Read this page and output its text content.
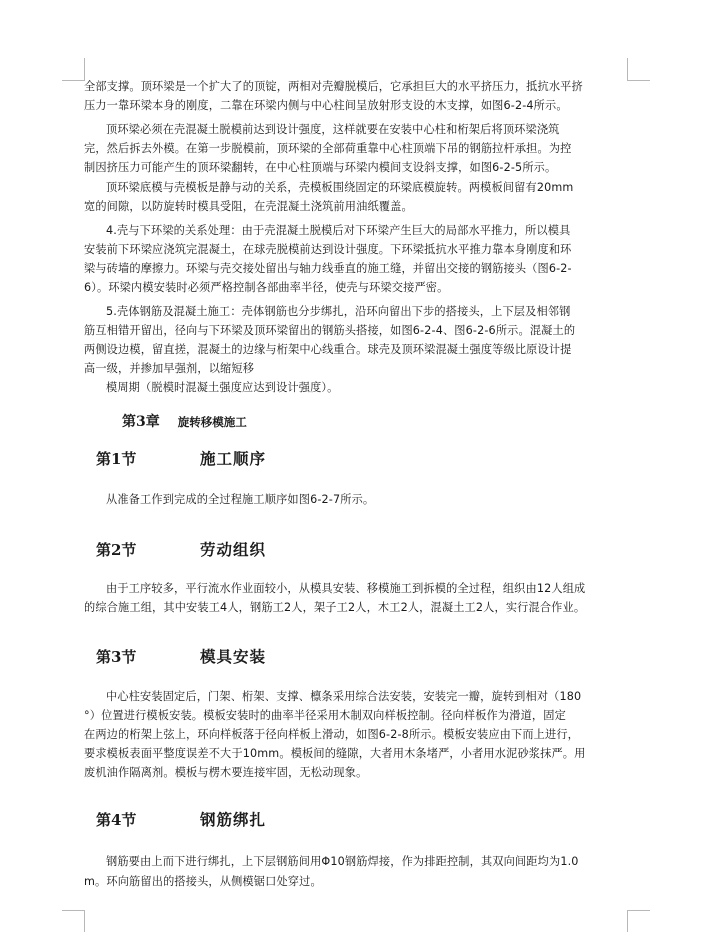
全部支撑。顶环梁是一个扩大了的顶锭，两相对壳瓣脱模后，它承担巨大的水平挤压力，抵抗水平挤
压力一靠环梁本身的刚度，二靠在环梁内侧与中心柱间呈放射形支设的木支撑，如图6-2-4所示。
顶环梁必须在壳混凝土脱模前达到设计强度，这样就要在安装中心柱和桁架后将顶环梁浇筑
完，然后拆去外模。在第一步脱模前，顶环梁的全部荷重靠中心柱顶端下吊的钢筋拉杆承担。为控
制因挤压力可能产生的顶环梁翻转，在中心柱顶端与环梁内模间支设斜支撑，如图6-2-5所示。
顶环梁底模与壳模板是静与动的关系，壳模板围绕固定的环梁底模旋转。两模板间留有20mm
宽的间隙，以防旋转时模具受阻，在壳混凝土浇筑前用油纸覆盖。
4.壳与下环梁的关系处理：由于壳混凝土脱模后对下环梁产生巨大的局部水平推力，所以模具
安装前下环梁应浇筑完混凝土，在球壳脱模前达到设计强度。下环梁抵抗水平推力靠本身刚度和环
梁与砖墙的摩擦力。环梁与壳交接处留出与轴力线垂直的施工缝，并留出交接的钢筋接头（图6-2-
6）。环梁内模安装时必须严格控制各部曲率半径，使壳与环梁交接严密。
5.壳体钢筋及混凝土施工：壳体钢筋也分步绑扎，沿环向留出下步的搭接头，上下层及相邻钢
筋互相错开留出，径向与下环梁及顶环梁留出的钢筋头搭接，如图6-2-4、图6-2-6所示。混凝土的
两侧设边模，留直搓，混凝土的边缘与桁架中心线重合。球壳及顶环梁混凝土强度等级比原设计提
高一级，并掺加早强剂，以缩短移
模周期（脱模时混凝土强度应达到设计强度）。
第3章 旋转移模施工
第1节	施工顺序
从准备工作到完成的全过程施工顺序如图6-2-7所示。
第2节	劳动组织
由于工序较多，平行流水作业面较小，从模具安装、移模施工到拆模的全过程，组织由12人组成
的综合施工组，其中安装工4人，钢筋工2人，架子工2人，木工2人，混凝土工2人，实行混合作业。
第3节	模具安装
中心柱安装固定后，门架、桁架、支撑、檩条采用综合法安装，安装完一瓣，旋转到相对（180
°）位置进行模板安装。模板安装时的曲率半径采用木制双向样板控制。径向样板作为滑道，固定
在两边的桁架上弦上，环向样板落于径向样板上滑动，如图6-2-8所示。模板安装应由下而上进行，
要求模板表面平整度误差不大于10mm。模板间的缝隙，大者用木条堵严，小者用水泥砂浆抹严。用
废机油作隔离剂。模板与楞木要连接牢固，无松动现象。
第4节	钢筋绑扎
钢筋要由上而下进行绑扎，上下层钢筋间用Φ10钢筋焊接，作为排距控制，其双向间距均为1.0
m。环向筋留出的搭接头，从侧模锯口处穿过。
